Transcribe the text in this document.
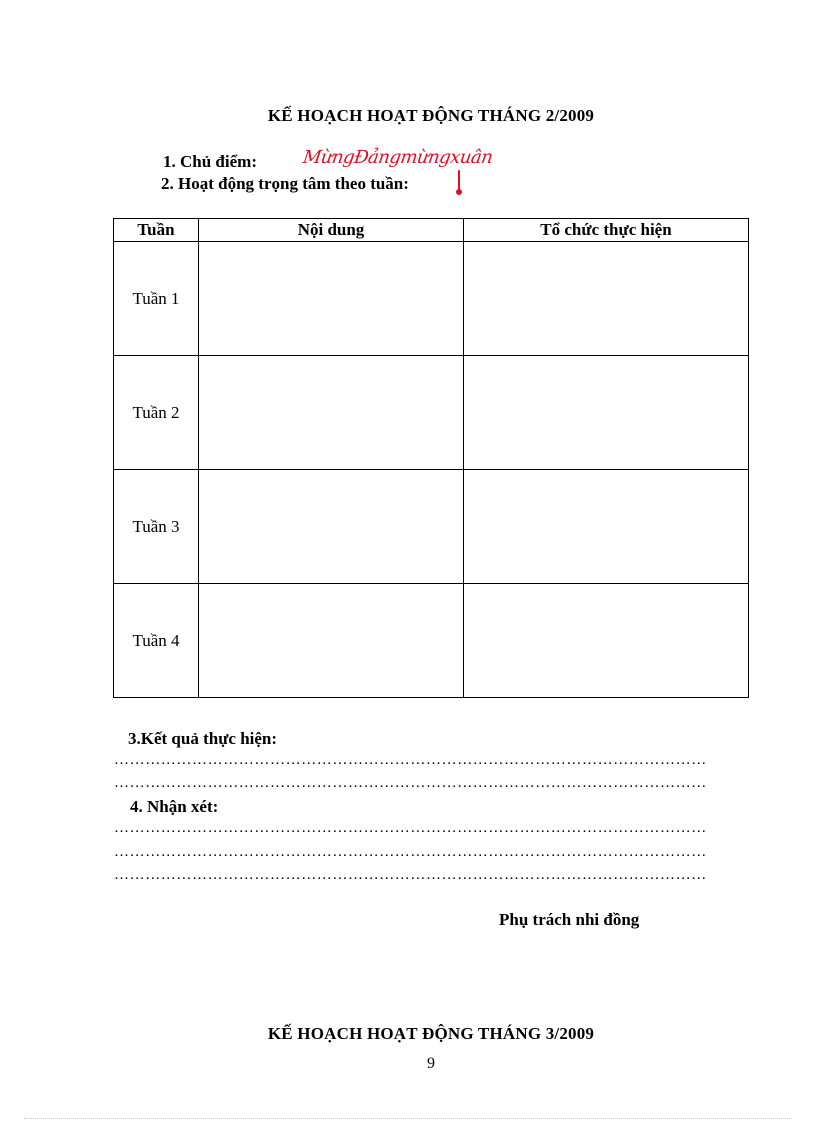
KẾ HOẠCH HOẠT ĐỘNG THÁNG 2/2009
1. Chủ điểm: MừngĐảngmừngxuân
2. Hoạt động trọng tâm theo tuần:
Tuần	Nội dung	Tổ chức thực hiện
Tuần 1		
Tuần 2		
Tuần 3		
Tuần 4		
3.Kết quả thực hiện:
……………………………………………………………………………………………………
……………………………………………………………………………………………………
4. Nhận xét:
……………………………………………………………………………………………………
……………………………………………………………………………………………………
……………………………………………………………………………………………………
Phụ trách nhi đồng
KẾ HOẠCH HOẠT ĐỘNG THÁNG 3/2009
9
